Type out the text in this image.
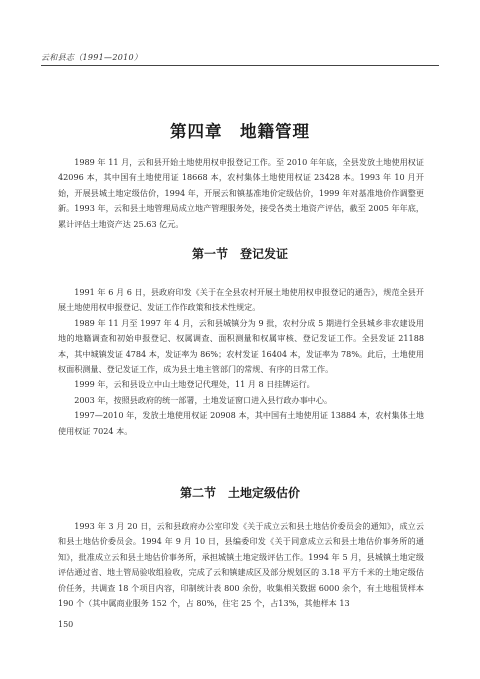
云和县志（1991—2010）
第四章　地籍管理

1989 年 11 月，云和县开始土地使用权申报登记工作。至 2010 年年底，全县发放土地使用权证 42096 本，其中国有土地使用证 18668 本，农村集体土地使用权证 23428 本。1993 年 10 月开始，开展县城土地定级估价，1994 年，开展云和镇基准地价定级估价，1999 年对基准地价作调整更新。1993 年，云和县土地管理局成立地产管理服务处，接受各类土地资产评估，截至 2005 年年底，累计评估土地资产达 25.63 亿元。

第一节　登记发证

1991 年 6 月 6 日，县政府印发《关于在全县农村开展土地使用权申报登记的通告》，规范全县开展土地使用权申报登记、发证工作作政策和技术性规定。

1989 年 11 月至 1997 年 4 月，云和县城镇分为 9 批，农村分成 5 期进行全县城乡非农建设用地的地籍调查和初始申报登记、权属调查、面积测量和权属审核、登记发证工作。全县发证 21188 本，其中城镇发证 4784 本，发证率为 86%；农村发证 16404 本，发证率为 78%。此后，土地使用权面积测量、登记发证工作，成为县土地主管部门的常规、有序的日常工作。

1999 年，云和县设立中山土地登记代理处，11 月 8 日挂牌运行。

2003 年，按照县政府的统一部署，土地发证窗口进入县行政办事中心。

1997—2010 年，发放土地使用权证 20908 本，其中国有土地使用证 13884 本，农村集体土地使用权证 7024 本。

第二节　土地定级估价

1993 年 3 月 20 日，云和县政府办公室印发《关于成立云和县土地估价委员会的通知》，成立云和县土地估价委员会。1994 年 9 月 10 日，县编委印发《关于同意成立云和县土地估价事务所的通知》，批准成立云和县土地估价事务所，承担城镇土地定级评估工作。1994 年 5 月，县城镇土地定级评估通过省、地土管局验收组验收，完成了云和镇建成区及部分规划区的 3.18 平方千米的土地定级估价任务，共调查 18 个项目内容，印制统计表 800 余份，收集相关数据 6000 余个，有土地租赁样本 190 个（其中属商业服务 152 个，占 80%，住宅 25 个，占13%，其他样本 13

150
